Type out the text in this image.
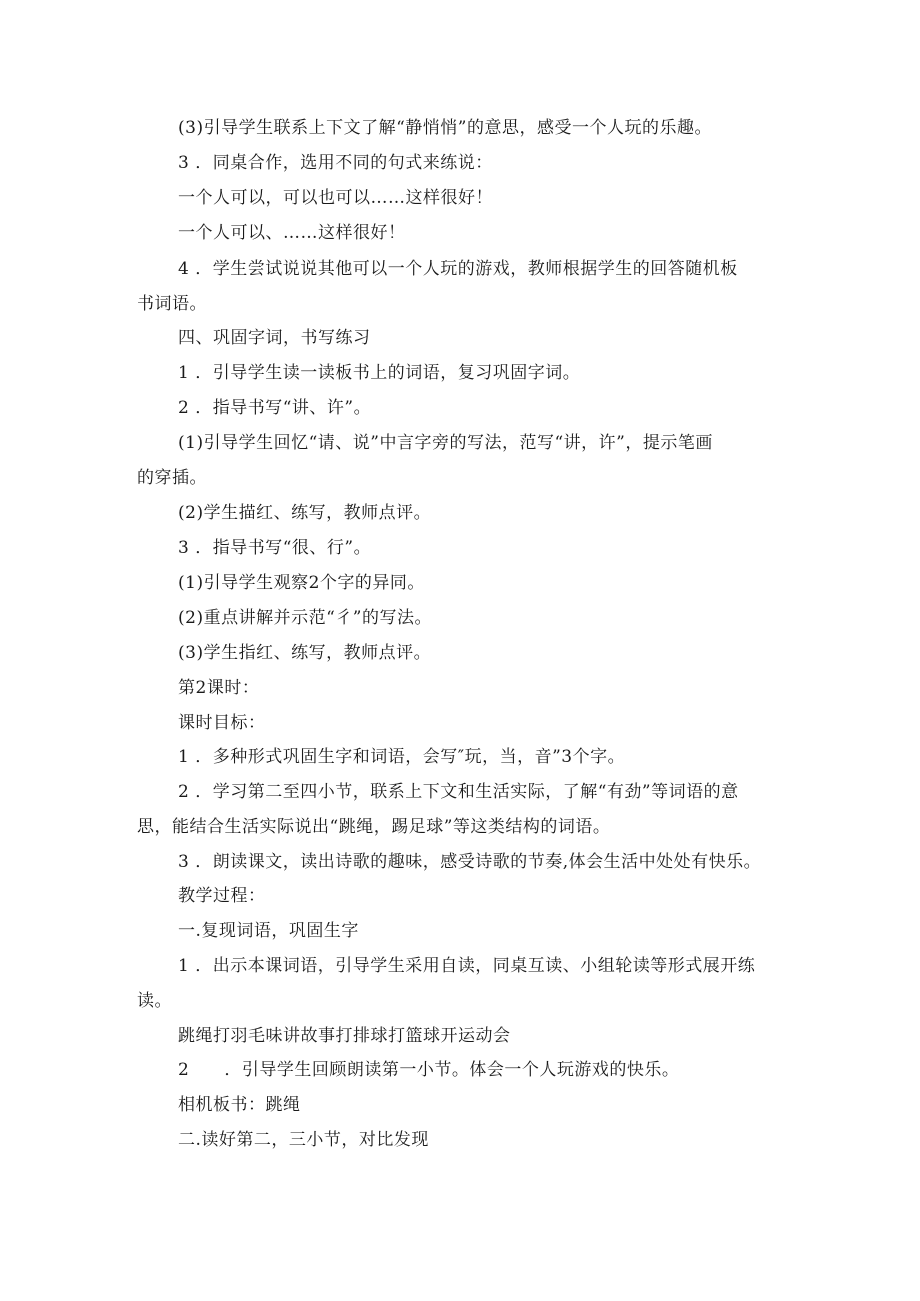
(3)引导学生联系上下文了解“静悄悄”的意思，感受一个人玩的乐趣。
3 ．同桌合作，选用不同的句式来练说：
一个人可以，可以也可以……这样很好！
一个人可以、……这样很好！
4 ．学生尝试说说其他可以一个人玩的游戏，教师根据学生的回答随机板
书词语。
四、巩固字词，书写练习
1 ．引导学生读一读板书上的词语，复习巩固字词。
2 ．指导书写“讲、许”。
(1)引导学生回忆“请、说”中言字旁的写法，范写“讲，许”，提示笔画
的穿插。
(2)学生描红、练写，教师点评。
3 ．指导书写“很、行”。
(1)引导学生观察2个字的异同。
(2)重点讲解并示范“彳”的写法。
(3)学生指红、练写，教师点评。
第2课时：
课时目标：
1 ．多种形式巩固生字和词语，会写″玩，当，音”3个字。
2 ．学习第二至四小节，联系上下文和生活实际，了解“有劲”等词语的意
思，能结合生活实际说出“跳绳，踢足球”等这类结构的词语。
3 ．朗读课文，读出诗歌的趣味，感受诗歌的节奏,体会生活中处处有快乐。
教学过程：
一.复现词语，巩固生字
1 ．出示本课词语，引导学生采用自读，同桌互读、小组轮读等形式展开练
读。
跳绳打羽毛味讲故事打排球打篮球开运动会
2　　．引导学生回顾朗读第一小节。体会一个人玩游戏的快乐。
相机板书：跳绳
二.读好第二，三小节，对比发现
